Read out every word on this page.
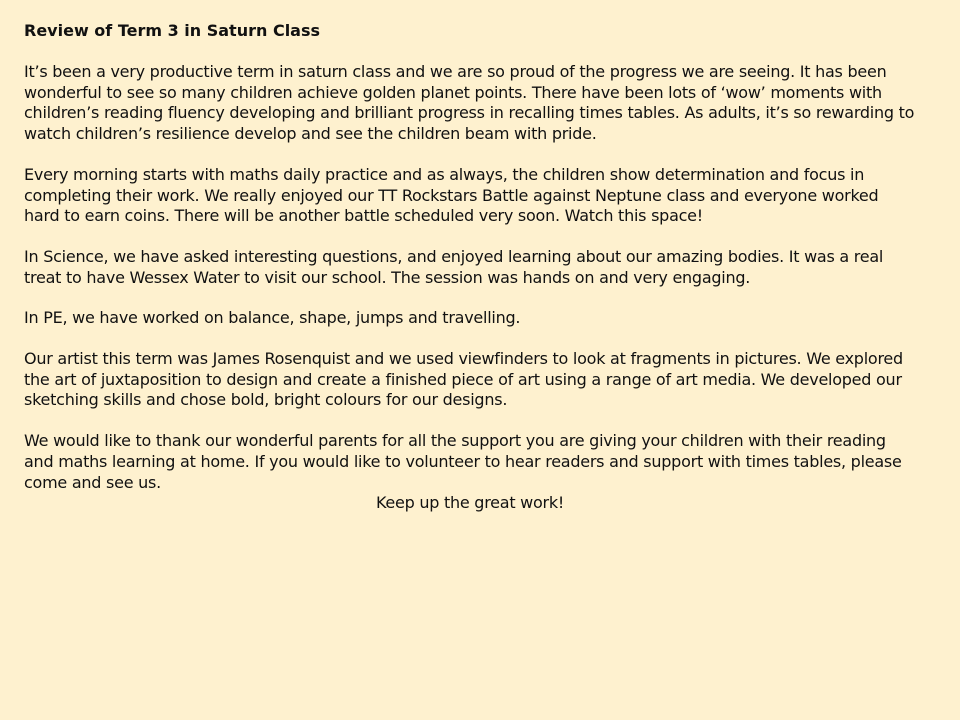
Review of Term 3 in Saturn Class

It’s been a very productive term in saturn class and we are so proud of the progress we are seeing. It has been wonderful to see so many children achieve golden planet points. There have been lots of ‘wow’ moments with children’s reading fluency developing and brilliant progress in recalling times tables. As adults, it’s so rewarding to watch children’s resilience develop and see the children beam with pride.

Every morning starts with maths daily practice and as always, the children show determination and focus in completing their work. We really enjoyed our TT Rockstars Battle against Neptune class and everyone worked hard to earn coins. There will be another battle scheduled very soon. Watch this space!

In Science, we have asked interesting questions, and enjoyed learning about our amazing bodies. It was a real treat to have Wessex Water to visit our school. The session was hands on and very engaging.

In PE, we have worked on balance, shape, jumps and travelling.

Our artist this term was James Rosenquist and we used viewfinders to look at fragments in pictures. We explored the art of juxtaposition to design and create a finished piece of art using a range of art media. We developed our sketching skills and chose bold, bright colours for our designs.

We would like to thank our wonderful parents for all the support you are giving your children with their reading and maths learning at home. If you would like to volunteer to hear readers and support with times tables, please come and see us.

Keep up the great work!
